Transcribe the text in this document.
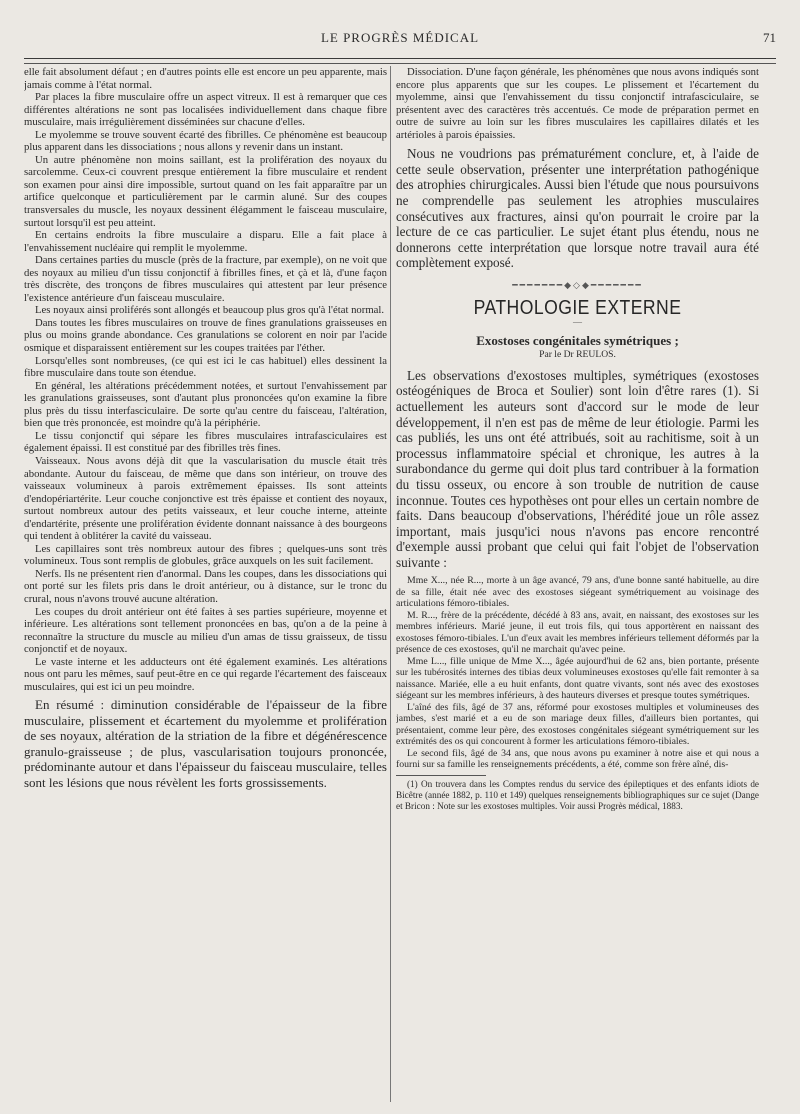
LE PROGRÈS MÉDICAL	71

elle fait absolument défaut ; en d'autres points elle est encore un peu apparente, mais jamais comme à l'état normal.

Par places la fibre musculaire offre un aspect vitreux. Il est à remarquer que ces différentes altérations ne sont pas localisées individuellement dans chaque fibre musculaire, mais irrégulièrement disséminées sur chacune d'elles.

Le myolemme se trouve souvent écarté des fibrilles. Ce phénomène est beaucoup plus apparent dans les dissociations ; nous allons y revenir dans un instant.

Un autre phénomène non moins saillant, est la prolifération des noyaux du sarcolemme. Ceux-ci couvrent presque entièrement la fibre musculaire et rendent son examen pour ainsi dire impossible, surtout quand on les fait apparaître par un artifice quelconque et particulièrement par le carmin aluné. Sur des coupes transversales du muscle, les noyaux dessinent élégamment le faisceau musculaire, surtout lorsqu'il est peu atteint.

En certains endroits la fibre musculaire a disparu. Elle a fait place à l'envahissement nucléaire qui remplit le myolemme.

Dans certaines parties du muscle (près de la fracture, par exemple), on ne voit que des noyaux au milieu d'un tissu conjonctif à fibrilles fines, et çà et là, d'une façon très discrète, des tronçons de fibres musculaires qui attestent par leur présence l'existence antérieure d'un faisceau musculaire.

Les noyaux ainsi proliférés sont allongés et beaucoup plus gros qu'à l'état normal.

Dans toutes les fibres musculaires on trouve de fines granulations graisseuses en plus ou moins grande abondance. Ces granulations se colorent en noir par l'acide osmique et disparaissent entièrement sur les coupes traitées par l'éther.

Lorsqu'elles sont nombreuses, (ce qui est ici le cas habituel) elles dessinent la fibre musculaire dans toute son étendue.

En général, les altérations précédemment notées, et surtout l'envahissement par les granulations graisseuses, sont d'autant plus prononcées qu'on examine la fibre plus près du tissu interfasciculaire. De sorte qu'au centre du faisceau, l'altération, bien que très prononcée, est moindre qu'à la périphérie.

Le tissu conjonctif qui sépare les fibres musculaires intrafasciculaires est également épaissi. Il est constitué par des fibrilles très fines.

Vaisseaux. Nous avons déjà dit que la vascularisation du muscle était très abondante. Autour du faisceau, de même que dans son intérieur, on trouve des vaisseaux volumineux à parois extrêmement épaisses. Ils sont atteints d'endopériartérite. Leur couche conjonctive est très épaisse et contient des noyaux, surtout nombreux autour des petits vaisseaux, et leur couche interne, atteinte d'endartérite, présente une prolifération évidente donnant naissance à des bourgeons qui tendent à oblitérer la cavité du vaisseau.

Les capillaires sont très nombreux autour des fibres ; quelques-uns sont très volumineux. Tous sont remplis de globules, grâce auxquels on les suit facilement.

Nerfs. Ils ne présentent rien d'anormal. Dans les coupes, dans les dissociations qui ont porté sur les filets pris dans le droit antérieur, ou à distance, sur le tronc du crural, nous n'avons trouvé aucune altération.

Les coupes du droit antérieur ont été faites à ses parties supérieure, moyenne et inférieure. Les altérations sont tellement prononcées en bas, qu'on a de la peine à reconnaître la structure du muscle au milieu d'un amas de tissu graisseux, de tissu conjonctif et de noyaux.

Le vaste interne et les adducteurs ont été également examinés. Les altérations nous ont paru les mêmes, sauf peut-être en ce qui regarde l'écartement des faisceaux musculaires, qui est ici un peu moindre.

En résumé : diminution considérable de l'épaisseur de la fibre musculaire, plissement et écartement du myolemme et prolifération de ses noyaux, altération de la striation de la fibre et dégénérescence granulo-graisseuse ; de plus, vascularisation toujours prononcée, prédominante autour et dans l'épaisseur du faisceau musculaire, telles sont les lésions que nous révèlent les forts grossissements.

Dissociation. D'une façon générale, les phénomènes que nous avons indiqués sont encore plus apparents que sur les coupes. Le plissement et l'écartement du myolemme, ainsi que l'envahissement du tissu conjonctif intrafasciculaire, se présentent avec des caractères très accentués. Ce mode de préparation permet en outre de suivre au loin sur les fibres musculaires les capillaires dilatés et les artérioles à parois épaissies.

Nous ne voudrions pas prématurément conclure, et, à l'aide de cette seule observation, présenter une interprétation pathogénique des atrophies chirurgicales. Aussi bien l'étude que nous poursuivons ne comprendelle pas seulement les atrophies musculaires consécutives aux fractures, ainsi qu'on pourrait le croire par la lecture de ce cas particulier. Le sujet étant plus étendu, nous ne donnerons cette interprétation que lorsque notre travail aura été complètement exposé.

━━━━━━━◆◇◆━━━━━━━
PATHOLOGIE EXTERNE
—
Exostoses congénitales symétriques ;
Par le Dr REULOS.

Les observations d'exostoses multiples, symétriques (exostoses ostéogéniques de Broca et Soulier) sont loin d'être rares (1). Si actuellement les auteurs sont d'accord sur le mode de leur développement, il n'en est pas de même de leur étiologie. Parmi les cas publiés, les uns ont été attribués, soit au rachitisme, soit à un processus inflammatoire spécial et chronique, les autres à la surabondance du germe qui doit plus tard contribuer à la formation du tissu osseux, ou encore à son trouble de nutrition de cause inconnue. Toutes ces hypothèses ont pour elles un certain nombre de faits. Dans beaucoup d'observations, l'hérédité joue un rôle assez important, mais jusqu'ici nous n'avons pas encore rencontré d'exemple aussi probant que celui qui fait l'objet de l'observation suivante :

Mme X..., née R..., morte à un âge avancé, 79 ans, d'une bonne santé habituelle, au dire de sa fille, était née avec des exostoses siégeant symétriquement au voisinage des articulations fémoro-tibiales.

M. R..., frère de la précédente, décédé à 83 ans, avait, en naissant, des exostoses sur les membres inférieurs. Marié jeune, il eut trois fils, qui tous apportèrent en naissant des exostoses fémoro-tibiales. L'un d'eux avait les membres inférieurs tellement déformés par la présence de ces exostoses, qu'il ne marchait qu'avec peine.

Mme L..., fille unique de Mme X..., âgée aujourd'hui de 62 ans, bien portante, présente sur les tubérosités internes des tibias deux volumineuses exostoses qu'elle fait remonter à sa naissance. Mariée, elle a eu huit enfants, dont quatre vivants, sont nés avec des exostoses siégeant sur les membres inférieurs, à des hauteurs diverses et presque toutes symétriques.

L'aîné des fils, âgé de 37 ans, réformé pour exostoses multiples et volumineuses des jambes, s'est marié et a eu de son mariage deux filles, d'ailleurs bien portantes, qui présentaient, comme leur père, des exostoses congénitales siégeant symétriquement sur les extrémités des os qui concourent à former les articulations fémoro-tibiales.

Le second fils, âgé de 34 ans, que nous avons pu examiner à notre aise et qui nous a fourni sur sa famille les renseignements précédents, a été, comme son frère aîné, dis-

(1) On trouvera dans les Comptes rendus du service des épileptiques et des enfants idiots de Bicêtre (année 1882, p. 110 et 149) quelques renseignements bibliographiques sur ce sujet (Dange et Bricon : Note sur les exostoses multiples. Voir aussi Progrès médical, 1883.
